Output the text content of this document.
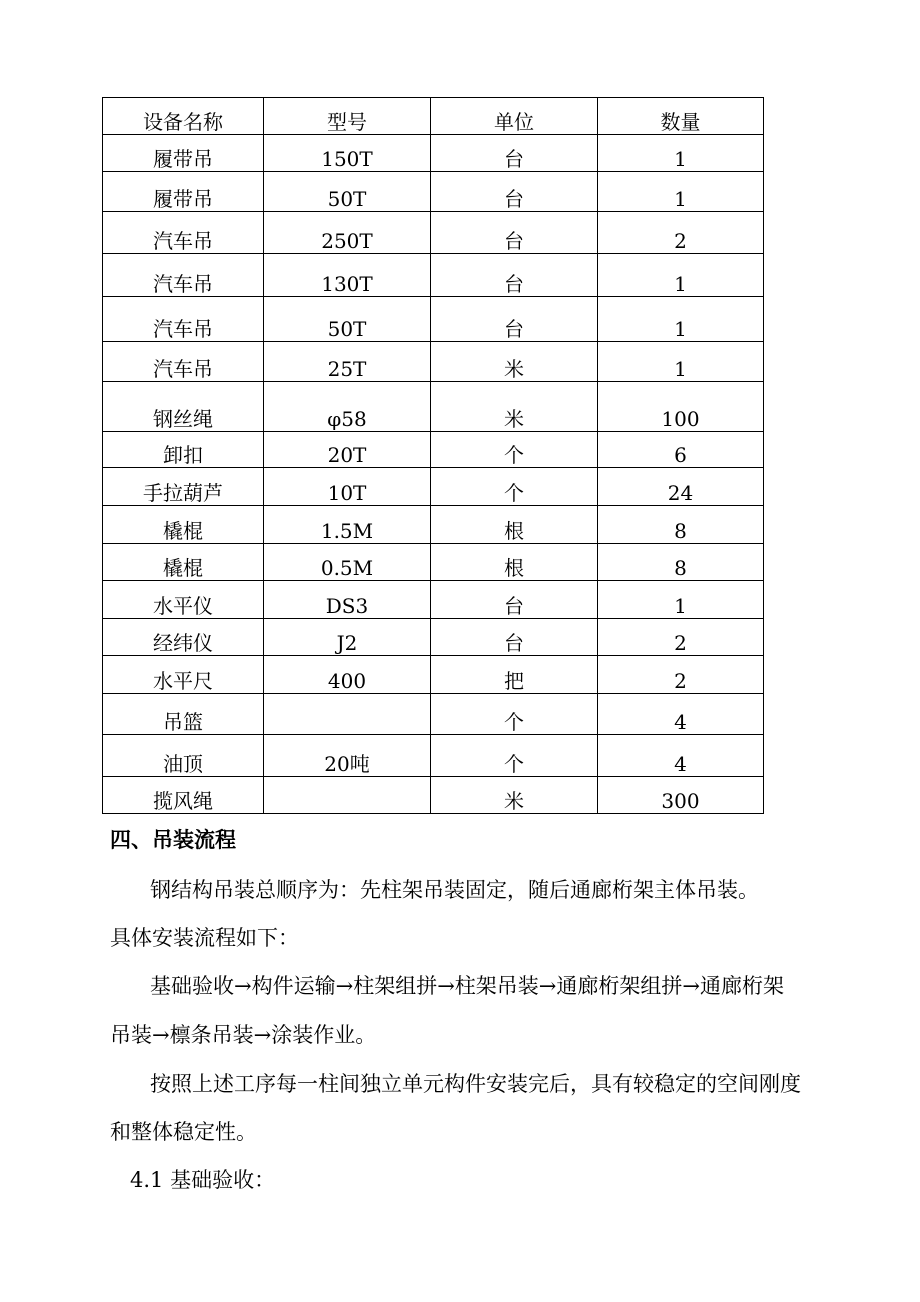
设备名称	型号	单位	数量
履带吊	150T	台	1
履带吊	50T	台	1
汽车吊	250T	台	2
汽车吊	130T	台	1
汽车吊	50T	台	1
汽车吊	25T	米	1
钢丝绳	φ58	米	100
卸扣	20T	个	6
手拉葫芦	10T	个	24
橇棍	1.5M	根	8
橇棍	0.5M	根	8
水平仪	DS3	台	1
经纬仪	J2	台	2
水平尺	400	把	2
吊篮		个	4
油顶	20吨	个	4
揽风绳		米	300
四、吊装流程
钢结构吊装总顺序为：先柱架吊装固定，随后通廊桁架主体吊装。
具体安装流程如下：
基础验收→构件运输→柱架组拼→柱架吊装→通廊桁架组拼→通廊桁架
吊装→檩条吊装→涂装作业。
按照上述工序每一柱间独立单元构件安装完后，具有较稳定的空间刚度
和整体稳定性。
4.1 基础验收：
